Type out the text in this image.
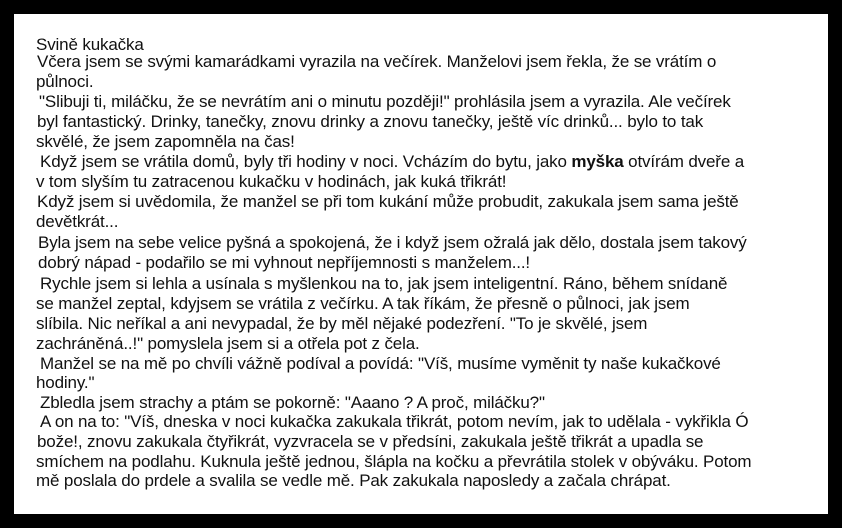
Svině kukačka
Včera jsem se svými kamarádkami vyrazila na večírek. Manželovi jsem řekla, že se vrátím o
půlnoci.
"Slibuji ti, miláčku, že se nevrátím ani o minutu později!" prohlásila jsem a vyrazila. Ale večírek
byl fantastický. Drinky, tanečky, znovu drinky a znovu tanečky, ještě víc drinků... bylo to tak
skvělé, že jsem zapomněla na čas!
Když jsem se vrátila domů, byly tři hodiny v noci. Vcházím do bytu, jako myška otvírám dveře a
v tom slyším tu zatracenou kukačku v hodinách, jak kuká třikrát!
Když jsem si uvědomila, že manžel se při tom kukání může probudit, zakukala jsem sama ještě
devětkrát...
Byla jsem na sebe velice pyšná a spokojená, že i když jsem ožralá jak dělo, dostala jsem takový
dobrý nápad - podařilo se mi vyhnout nepříjemnosti s manželem...!
Rychle jsem si lehla a usínala s myšlenkou na to, jak jsem inteligentní. Ráno, během snídaně
se manžel zeptal, kdyjsem se vrátila z večírku. A tak říkám, že přesně o půlnoci, jak jsem
slíbila. Nic neříkal a ani nevypadal, že by měl nějaké podezření. "To je skvělé, jsem
zachráněná..!" pomyslela jsem si a otřela pot z čela.
Manžel se na mě po chvíli vážně podíval a povídá: "Víš, musíme vyměnit ty naše kukačkové
hodiny."
Zbledla jsem strachy a ptám se pokorně: "Aaano ? A proč, miláčku?"
A on na to: "Víš, dneska v noci kukačka zakukala třikrát, potom nevím, jak to udělala - vykřikla Ó
bože!, znovu zakukala čtyřikrát, vyzvracela se v předsíni, zakukala ještě třikrát a upadla se
smíchem na podlahu. Kuknula ještě jednou, šlápla na kočku a převrátila stolek v obýváku. Potom
mě poslala do prdele a svalila se vedle mě. Pak zakukala naposledy a začala chrápat.
